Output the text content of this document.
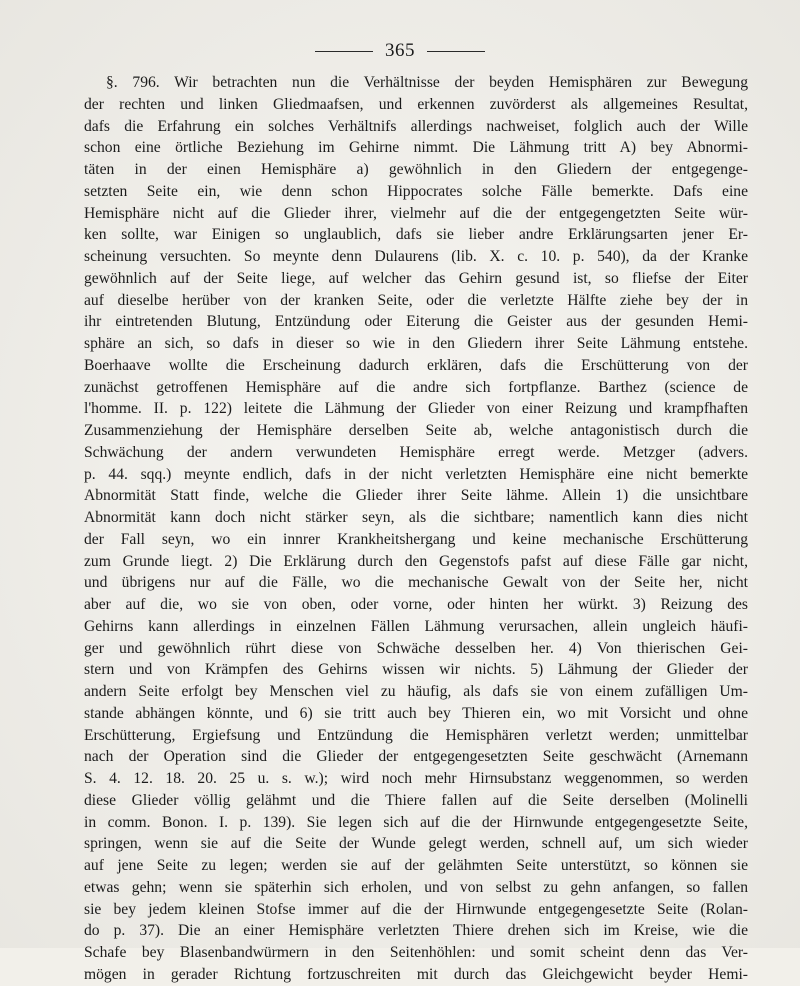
365
§. 796. Wir betrachten nun die Verhältnisse der beyden Hemisphären zur Bewegung
der rechten und linken Gliedmaafsen, und erkennen zuvörderst als allgemeines Resultat,
dafs die Erfahrung ein solches Verhältnifs allerdings nachweiset, folglich auch der Wille
schon eine örtliche Beziehung im Gehirne nimmt. Die Lähmung tritt A) bey Abnormi-
täten in der einen Hemisphäre a) gewöhnlich in den Gliedern der entgegenge-
setzten Seite ein, wie denn schon Hippocrates solche Fälle bemerkte. Dafs eine
Hemisphäre nicht auf die Glieder ihrer, vielmehr auf die der entgegengetzten Seite wür-
ken sollte, war Einigen so unglaublich, dafs sie lieber andre Erklärungsarten jener Er-
scheinung versuchten. So meynte denn Dulaurens (lib. X. c. 10. p. 540), da der Kranke
gewöhnlich auf der Seite liege, auf welcher das Gehirn gesund ist, so fliefse der Eiter
auf dieselbe herüber von der kranken Seite, oder die verletzte Hälfte ziehe bey der in
ihr eintretenden Blutung, Entzündung oder Eiterung die Geister aus der gesunden Hemi-
sphäre an sich, so dafs in dieser so wie in den Gliedern ihrer Seite Lähmung entstehe.
Boerhaave wollte die Erscheinung dadurch erklären, dafs die Erschütterung von der
zunächst getroffenen Hemisphäre auf die andre sich fortpflanze. Barthez (science de
l'homme. II. p. 122) leitete die Lähmung der Glieder von einer Reizung und krampfhaften
Zusammenziehung der Hemisphäre derselben Seite ab, welche antagonistisch durch die
Schwächung der andern verwundeten Hemisphäre erregt werde. Metzger (advers.
p. 44. sqq.) meynte endlich, dafs in der nicht verletzten Hemisphäre eine nicht bemerkte
Abnormität Statt finde, welche die Glieder ihrer Seite lähme. Allein 1) die unsichtbare
Abnormität kann doch nicht stärker seyn, als die sichtbare; namentlich kann dies nicht
der Fall seyn, wo ein innrer Krankheitshergang und keine mechanische Erschütterung
zum Grunde liegt. 2) Die Erklärung durch den Gegenstofs pafst auf diese Fälle gar nicht,
und übrigens nur auf die Fälle, wo die mechanische Gewalt von der Seite her, nicht
aber auf die, wo sie von oben, oder vorne, oder hinten her würkt. 3) Reizung des
Gehirns kann allerdings in einzelnen Fällen Lähmung verursachen, allein ungleich häufi-
ger und gewöhnlich rührt diese von Schwäche desselben her. 4) Von thierischen Gei-
stern und von Krämpfen des Gehirns wissen wir nichts. 5) Lähmung der Glieder der
andern Seite erfolgt bey Menschen viel zu häufig, als dafs sie von einem zufälligen Um-
stande abhängen könnte, und 6) sie tritt auch bey Thieren ein, wo mit Vorsicht und ohne
Erschütterung, Ergiefsung und Entzündung die Hemisphären verletzt werden; unmittelbar
nach der Operation sind die Glieder der entgegengesetzten Seite geschwächt (Arnemann
S. 4. 12. 18. 20. 25 u. s. w.); wird noch mehr Hirnsubstanz weggenommen, so werden
diese Glieder völlig gelähmt und die Thiere fallen auf die Seite derselben (Molinelli
in comm. Bonon. I. p. 139). Sie legen sich auf die der Hirnwunde entgegengesetzte Seite,
springen, wenn sie auf die Seite der Wunde gelegt werden, schnell auf, um sich wieder
auf jene Seite zu legen; werden sie auf der gelähmten Seite unterstützt, so können sie
etwas gehn; wenn sie späterhin sich erholen, und von selbst zu gehn anfangen, so fallen
sie bey jedem kleinen Stofse immer auf die der Hirnwunde entgegengesetzte Seite (Rolan-
do p. 37). Die an einer Hemisphäre verletzten Thiere drehen sich im Kreise, wie die
Schafe bey Blasenbandwürmern in den Seitenhöhlen: und somit scheint denn das Ver-
mögen in gerader Richtung fortzuschreiten mit durch das Gleichgewicht beyder Hemi-
